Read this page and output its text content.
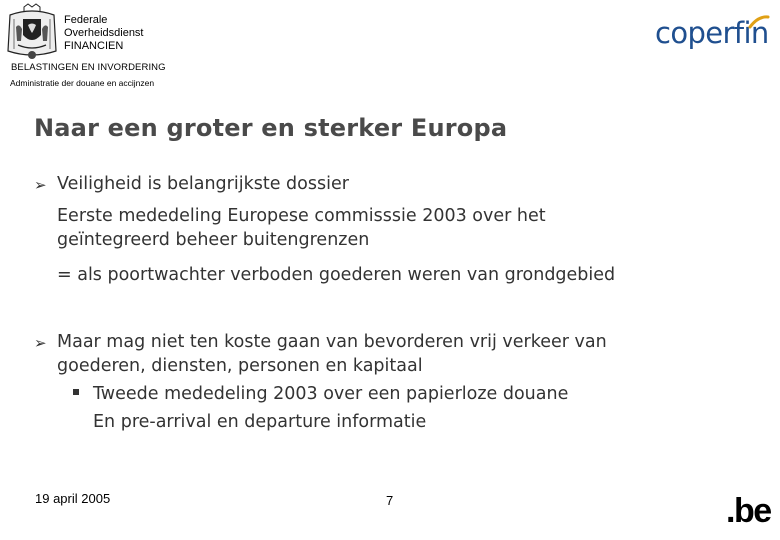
Federale
Overheidsdienst
FINANCIEN
BELASTINGEN EN INVORDERING
Administratie der douane en accijnzen
coperfin
Naar een groter en sterker Europa
➢ Veiligheid is belangrijkste dossier
Eerste mededeling Europese commisssie 2003 over het
geïntegreerd beheer buitengrenzen
= als poortwachter verboden goederen weren van grondgebied
➢ Maar mag niet ten koste gaan van bevorderen vrij verkeer van
goederen, diensten, personen en kapitaal
Tweede mededeling 2003 over een papierloze douane
En pre-arrival en departure informatie
19 april 2005	7	.be
